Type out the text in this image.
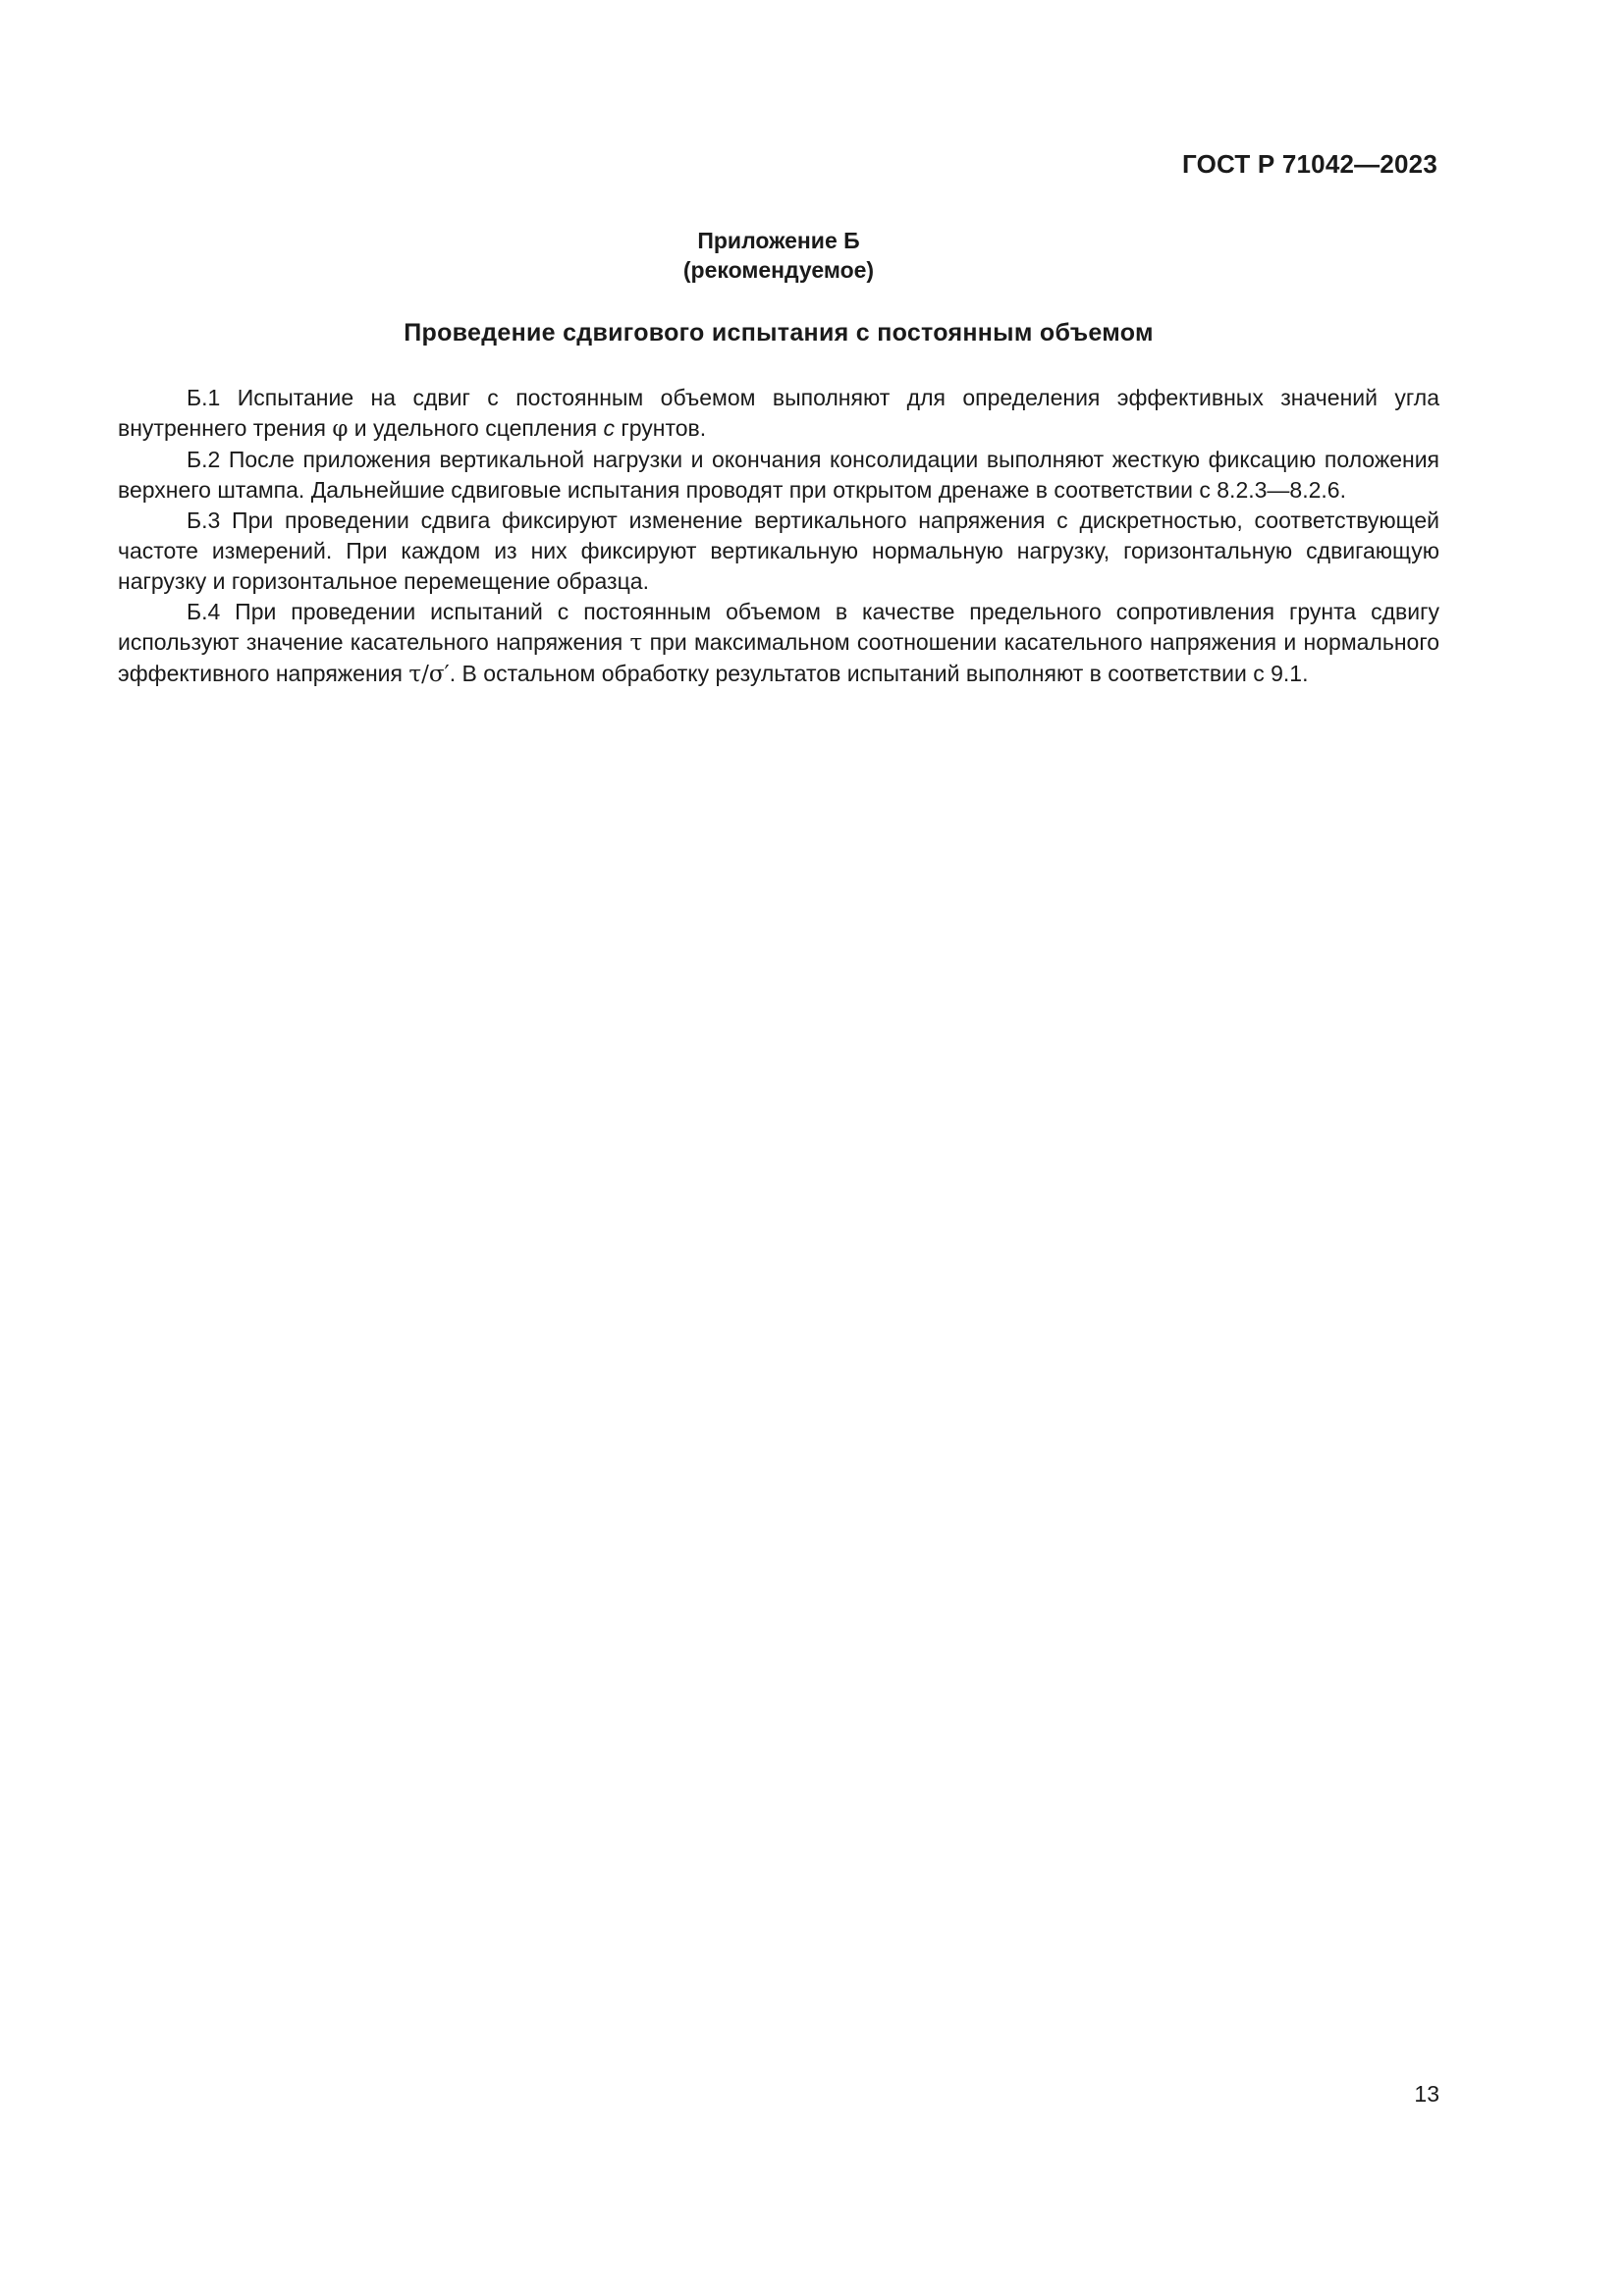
ГОСТ Р 71042—2023
Приложение Б
(рекомендуемое)
Проведение сдвигового испытания с постоянным объемом

Б.1 Испытание на сдвиг с постоянным объемом выполняют для определения эффективных значений угла внутреннего трения φ и удельного сцепления c грунтов.

Б.2 После приложения вертикальной нагрузки и окончания консолидации выполняют жесткую фиксацию положения верхнего штампа. Дальнейшие сдвиговые испытания проводят при открытом дренаже в соответствии с 8.2.3—8.2.6.

Б.3 При проведении сдвига фиксируют изменение вертикального напряжения с дискретностью, соответствующей частоте измерений. При каждом из них фиксируют вертикальную нормальную нагрузку, горизонтальную сдвигающую нагрузку и горизонтальное перемещение образца.

Б.4 При проведении испытаний с постоянным объемом в качестве предельного сопротивления грунта сдвигу используют значение касательного напряжения τ при максимальном соотношении касательного напряжения и нормального эффективного напряжения τ/σ′. В остальном обработку результатов испытаний выполняют в соответствии с 9.1.

13
